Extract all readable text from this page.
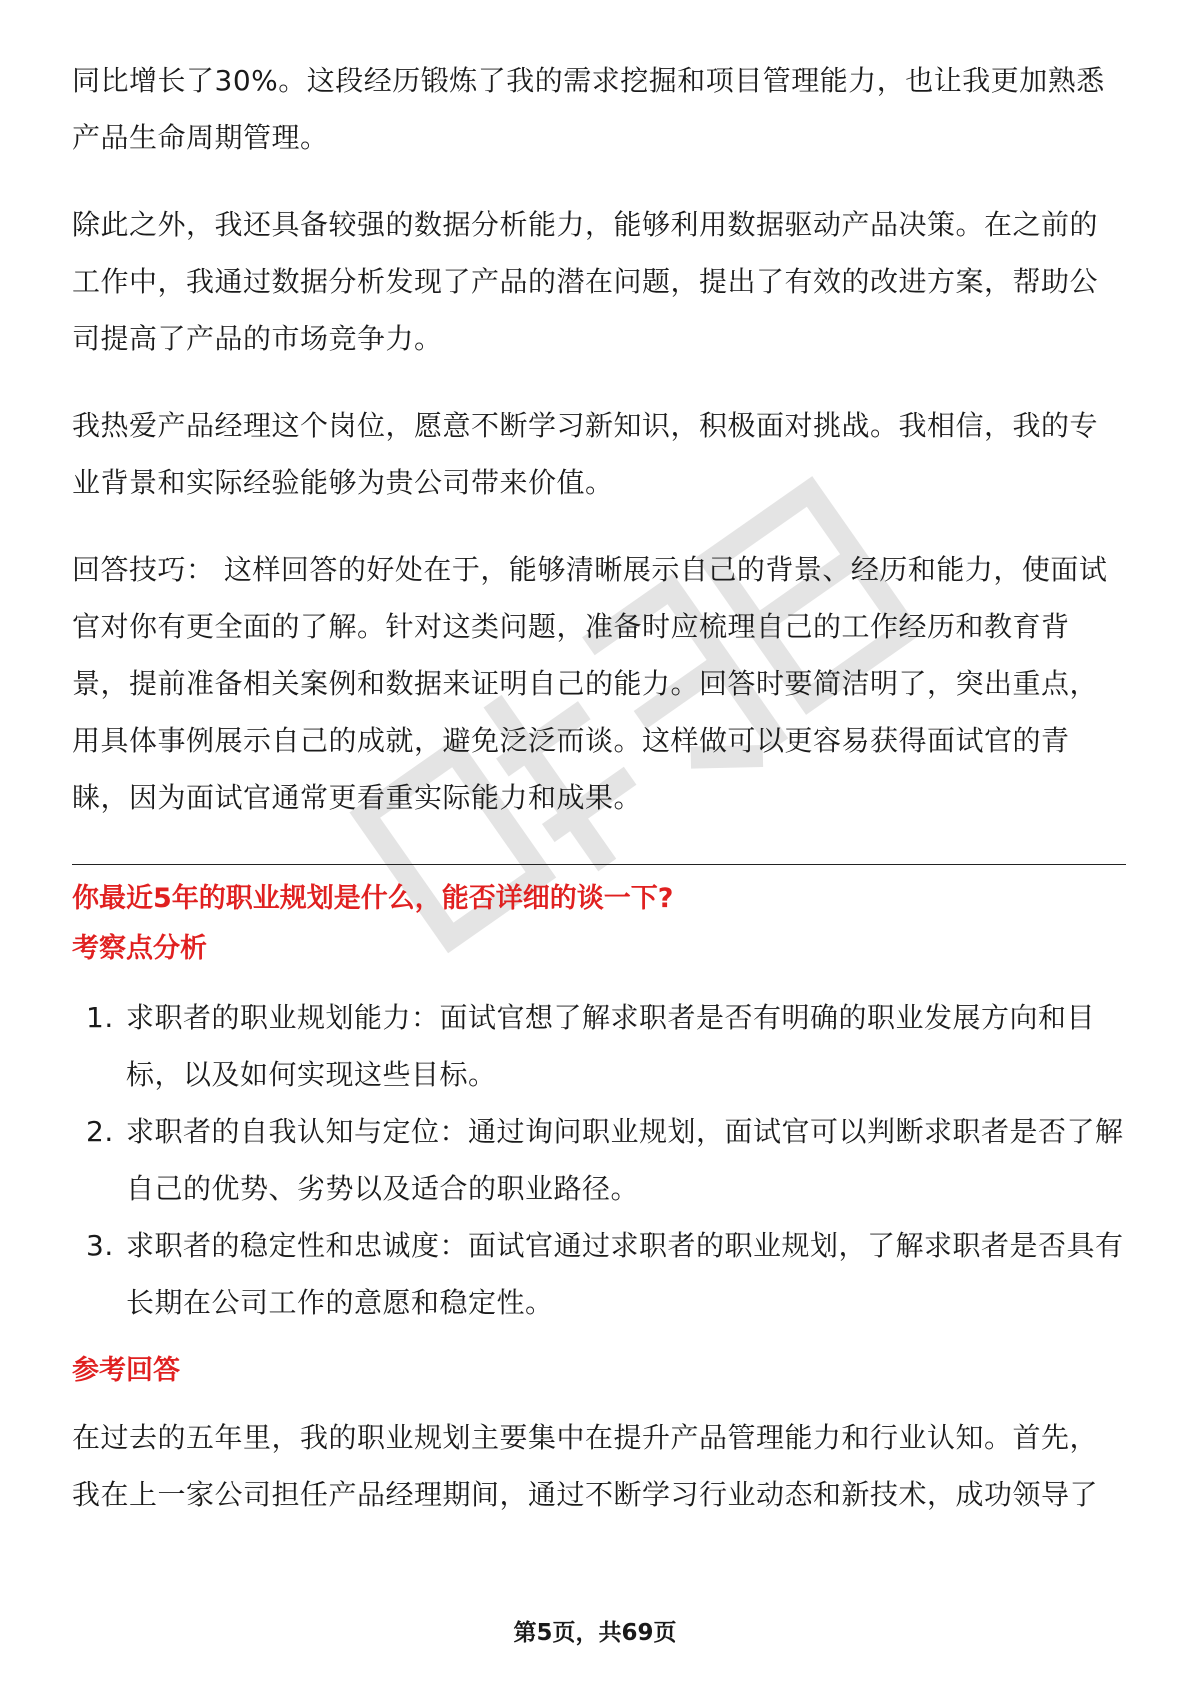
同比增长了30%。这段经历锻炼了我的需求挖掘和项目管理能力，也让我更加熟悉产品生命周期管理。

除此之外，我还具备较强的数据分析能力，能够利用数据驱动产品决策。在之前的工作中，我通过数据分析发现了产品的潜在问题，提出了有效的改进方案，帮助公司提高了产品的市场竞争力。

我热爱产品经理这个岗位，愿意不断学习新知识，积极面对挑战。我相信，我的专业背景和实际经验能够为贵公司带来价值。

回答技巧： 这样回答的好处在于，能够清晰展示自己的背景、经历和能力，使面试官对你有更全面的了解。针对这类问题，准备时应梳理自己的工作经历和教育背景，提前准备相关案例和数据来证明自己的能力。回答时要简洁明了，突出重点，用具体事例展示自己的成就，避免泛泛而谈。这样做可以更容易获得面试官的青睐，因为面试官通常更看重实际能力和成果。

你最近5年的职业规划是什么，能否详细的谈一下?
考察点分析
1. 求职者的职业规划能力：面试官想了解求职者是否有明确的职业发展方向和目标，以及如何实现这些目标。
2. 求职者的自我认知与定位：通过询问职业规划，面试官可以判断求职者是否了解自己的优势、劣势以及适合的职业路径。
3. 求职者的稳定性和忠诚度：面试官通过求职者的职业规划，了解求职者是否具有长期在公司工作的意愿和稳定性。
参考回答

在过去的五年里，我的职业规划主要集中在提升产品管理能力和行业认知。首先，我在上一家公司担任产品经理期间，通过不断学习行业动态和新技术，成功领导了

第5页，共69页
